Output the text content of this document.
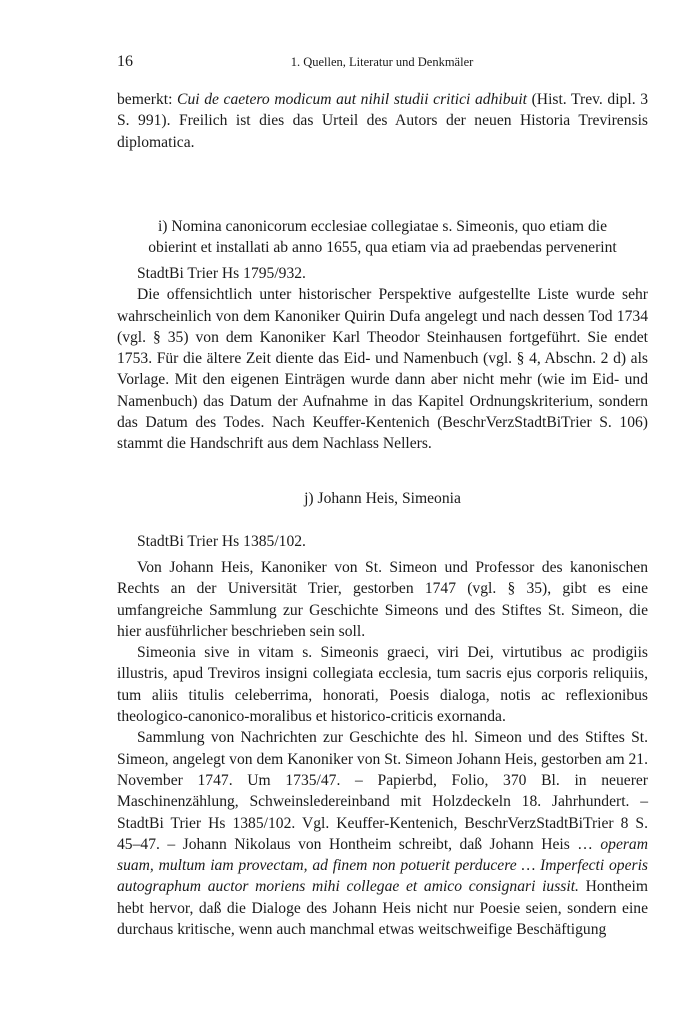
16	1. Quellen, Literatur und Denkmäler

bemerkt: Cui de caetero modicum aut nihil studii critici adhibuit (Hist. Trev. dipl. 3 S. 991). Freilich ist dies das Urteil des Autors der neuen Historia Trevirensis diplomatica.

i) Nomina canonicorum ecclesiae collegiatae s. Simeonis, quo etiam die
obierint et installati ab anno 1655, qua etiam via ad praebendas pervenerint

StadtBi Trier Hs 1795/932.

Die offensichtlich unter historischer Perspektive aufgestellte Liste wurde sehr wahrscheinlich von dem Kanoniker Quirin Dufa angelegt und nach dessen Tod 1734 (vgl. § 35) von dem Kanoniker Karl Theodor Steinhausen fortgeführt. Sie endet 1753. Für die ältere Zeit diente das Eid- und Namenbuch (vgl. § 4, Abschn. 2 d) als Vorlage. Mit den eigenen Einträgen wurde dann aber nicht mehr (wie im Eid- und Namenbuch) das Datum der Aufnahme in das Kapitel Ordnungskriterium, sondern das Datum des Todes. Nach Keuffer-Kentenich (BeschrVerzStadtBiTrier S. 106) stammt die Handschrift aus dem Nachlass Nellers.

j) Johann Heis, Simeonia

StadtBi Trier Hs 1385/102.

Von Johann Heis, Kanoniker von St. Simeon und Professor des kanonischen Rechts an der Universität Trier, gestorben 1747 (vgl. § 35), gibt es eine umfangreiche Sammlung zur Geschichte Simeons und des Stiftes St. Simeon, die hier ausführlicher beschrieben sein soll.

Simeonia sive in vitam s. Simeonis graeci, viri Dei, virtutibus ac prodigiis illustris, apud Treviros insigni collegiata ecclesia, tum sacris ejus corporis reliquiis, tum aliis titulis celeberrima, honorati, Poesis dialoga, notis ac reflexionibus theologico-canonico-moralibus et historico-criticis exornanda.

Sammlung von Nachrichten zur Geschichte des hl. Simeon und des Stiftes St. Simeon, angelegt von dem Kanoniker von St. Simeon Johann Heis, gestorben am 21. November 1747. Um 1735/47. – Papierbd, Folio, 370 Bl. in neuerer Maschinenzählung, Schweinsledereinband mit Holzdeckeln 18. Jahrhundert. – StadtBi Trier Hs 1385/102. Vgl. Keuffer-Kentenich, BeschrVerzStadtBiTrier 8 S. 45–47. – Johann Nikolaus von Hontheim schreibt, daß Johann Heis … operam suam, multum iam provectam, ad finem non potuerit perducere … Imperfecti operis autographum auctor moriens mihi collegae et amico consignari iussit. Hontheim hebt hervor, daß die Dialoge des Johann Heis nicht nur Poesie seien, sondern eine durchaus kritische, wenn auch manchmal etwas weitschweifige Beschäftigung
